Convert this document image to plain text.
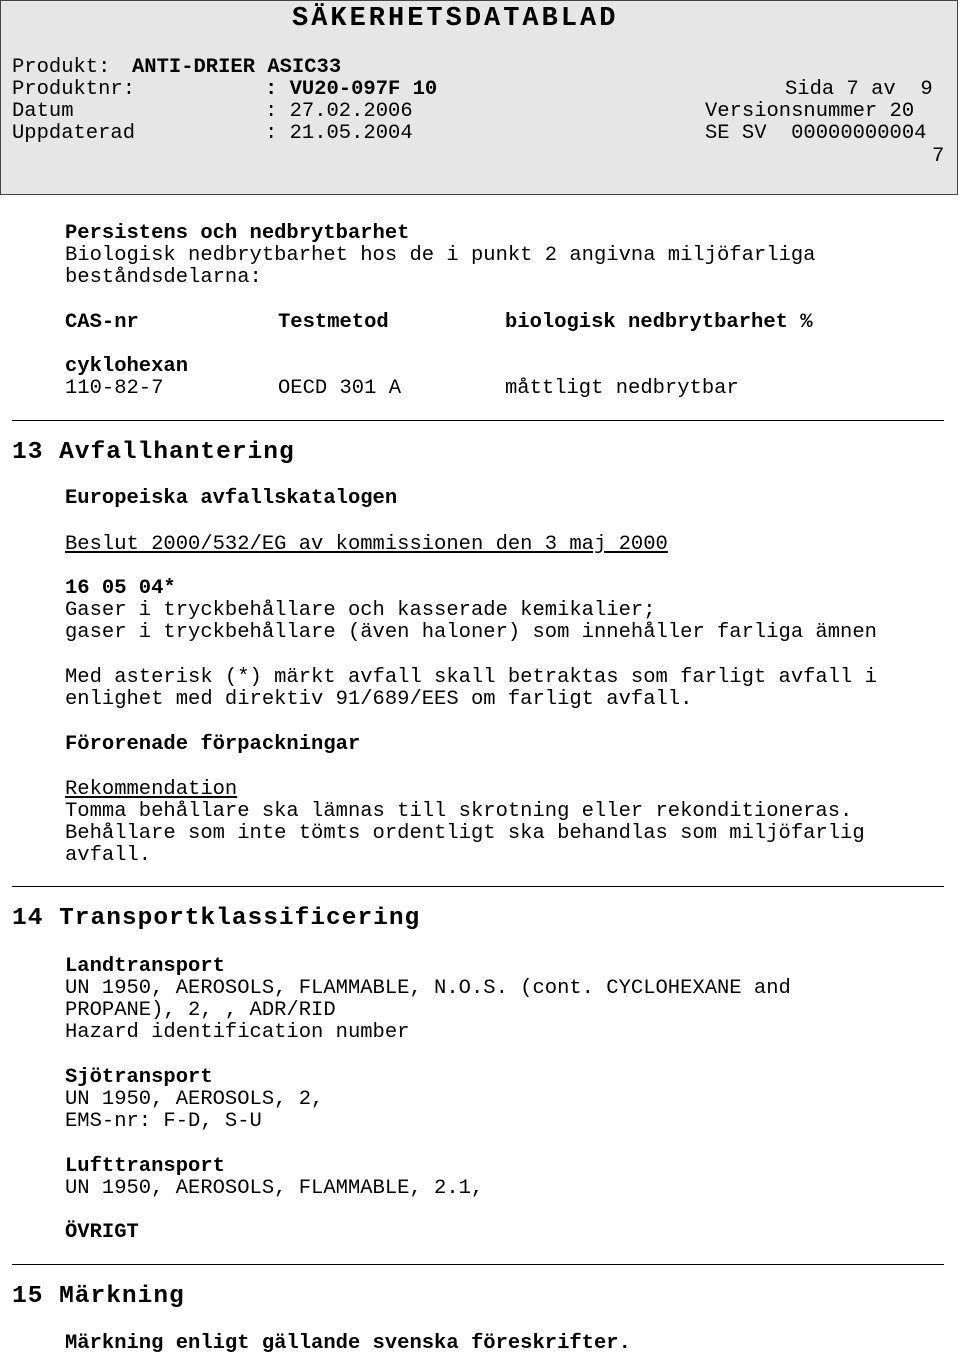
SÄKERHETSDATABLAD
Produkt: ANTI-DRIER ASIC33
Produktnr:	: VU20-097F 10	Sida 7 av  9
Datum	: 27.02.2006	Versionsnummer 20
Uppdaterad	: 21.05.2004	SE SV  00000000004
7
Persistens och nedbrytbarhet
Biologisk nedbrytbarhet hos de i punkt 2 angivna miljöfarliga
beståndsdelarna:
CAS-nr	Testmetod	biologisk nedbrytbarhet %
cyklohexan
110-82-7	OECD 301 A	måttligt nedbrytbar
13 Avfallhantering
Europeiska avfallskatalogen
Beslut 2000/532/EG av kommissionen den 3 maj 2000
16 05 04*
Gaser i tryckbehållare och kasserade kemikalier;
gaser i tryckbehållare (även haloner) som innehåller farliga ämnen
Med asterisk (*) märkt avfall skall betraktas som farligt avfall i
enlighet med direktiv 91/689/EES om farligt avfall.
Förorenade förpackningar
Rekommendation
Tomma behållare ska lämnas till skrotning eller rekonditioneras.
Behållare som inte tömts ordentligt ska behandlas som miljöfarlig
avfall.
14 Transportklassificering
Landtransport
UN 1950, AEROSOLS, FLAMMABLE, N.O.S. (cont. CYCLOHEXANE and
PROPANE), 2, , ADR/RID
Hazard identification number
Sjötransport
UN 1950, AEROSOLS, 2,
EMS-nr: F-D, S-U
Lufttransport
UN 1950, AEROSOLS, FLAMMABLE, 2.1,
ÖVRIGT
15 Märkning
Märkning enligt gällande svenska föreskrifter.
